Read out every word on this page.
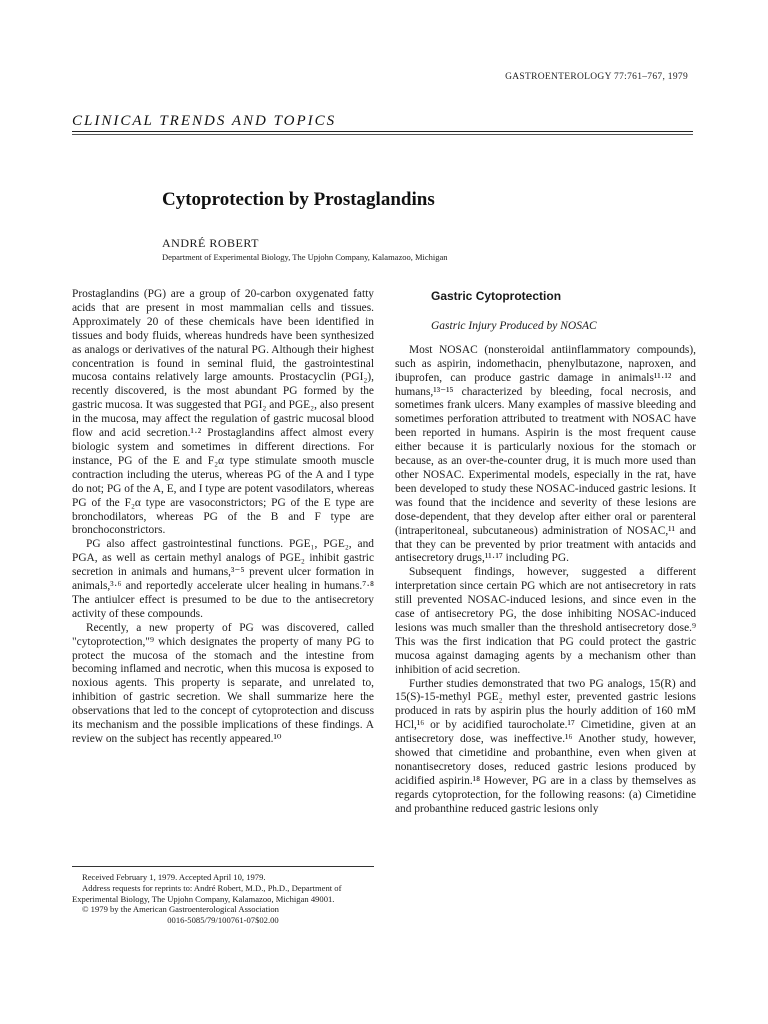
GASTROENTEROLOGY 77:761–767, 1979
CLINICAL TRENDS AND TOPICS
Cytoprotection by Prostaglandins
ANDRÉ ROBERT
Department of Experimental Biology, The Upjohn Company, Kalamazoo, Michigan

Prostaglandins (PG) are a group of 20-carbon oxygenated fatty acids that are present in most mammalian cells and tissues. Approximately 20 of these chemicals have been identified in tissues and body fluids, whereas hundreds have been synthesized as analogs or derivatives of the natural PG. Although their highest concentration is found in seminal fluid, the gastrointestinal mucosa contains relatively large amounts. Prostacyclin (PGI₂), recently discovered, is the most abundant PG formed by the gastric mucosa. It was suggested that PGI₂ and PGE₂, also present in the mucosa, may affect the regulation of gastric mucosal blood flow and acid secretion.¹·² Prostaglandins affect almost every biologic system and sometimes in different directions. For instance, PG of the E and F₂α type stimulate smooth muscle contraction including the uterus, whereas PG of the A and I type do not; PG of the A, E, and I type are potent vasodilators, whereas PG of the F₂α type are vasoconstrictors; PG of the E type are bronchodilators, whereas PG of the B and F type are bronchoconstrictors.

PG also affect gastrointestinal functions. PGE₁, PGE₂, and PGA, as well as certain methyl analogs of PGE₂ inhibit gastric secretion in animals and humans,³⁻⁵ prevent ulcer formation in animals,³·⁶ and reportedly accelerate ulcer healing in humans.⁷·⁸ The antiulcer effect is presumed to be due to the antisecretory activity of these compounds.

Recently, a new property of PG was discovered, called "cytoprotection,"⁹ which designates the property of many PG to protect the mucosa of the stomach and the intestine from becoming inflamed and necrotic, when this mucosa is exposed to noxious agents. This property is separate, and unrelated to, inhibition of gastric secretion. We shall summarize here the observations that led to the concept of cytoprotection and discuss its mechanism and the possible implications of these findings. A review on the subject has recently appeared.¹⁰

Received February 1, 1979. Accepted April 10, 1979.

Address requests for reprints to: André Robert, M.D., Ph.D., Department of Experimental Biology, The Upjohn Company, Kalamazoo, Michigan 49001.

© 1979 by the American Gastroenterological Association

0016-5085/79/100761-07$02.00

Gastric Cytoprotection
Gastric Injury Produced by NOSAC

Most NOSAC (nonsteroidal antiinflammatory compounds), such as aspirin, indomethacin, phenylbutazone, naproxen, and ibuprofen, can produce gastric damage in animals¹¹·¹² and humans,¹³⁻¹⁵ characterized by bleeding, focal necrosis, and sometimes frank ulcers. Many examples of massive bleeding and sometimes perforation attributed to treatment with NOSAC have been reported in humans. Aspirin is the most frequent cause either because it is particularly noxious for the stomach or because, as an over-the-counter drug, it is much more used than other NOSAC. Experimental models, especially in the rat, have been developed to study these NOSAC-induced gastric lesions. It was found that the incidence and severity of these lesions are dose-dependent, that they develop after either oral or parenteral (intraperitoneal, subcutaneous) administration of NOSAC,¹¹ and that they can be prevented by prior treatment with antacids and antisecretory drugs,¹¹·¹⁷ including PG.

Subsequent findings, however, suggested a different interpretation since certain PG which are not antisecretory in rats still prevented NOSAC-induced lesions, and since even in the case of antisecretory PG, the dose inhibiting NOSAC-induced lesions was much smaller than the threshold antisecretory dose.⁹ This was the first indication that PG could protect the gastric mucosa against damaging agents by a mechanism other than inhibition of acid secretion.

Further studies demonstrated that two PG analogs, 15(R) and 15(S)-15-methyl PGE₂ methyl ester, prevented gastric lesions produced in rats by aspirin plus the hourly addition of 160 mM HCl,¹⁶ or by acidified taurocholate.¹⁷ Cimetidine, given at an antisecretory dose, was ineffective.¹⁶ Another study, however, showed that cimetidine and probanthine, even when given at nonantisecretory doses, reduced gastric lesions produced by acidified aspirin.¹⁸ However, PG are in a class by themselves as regards cytoprotection, for the following reasons: (a) Cimetidine and probanthine reduced gastric lesions only
